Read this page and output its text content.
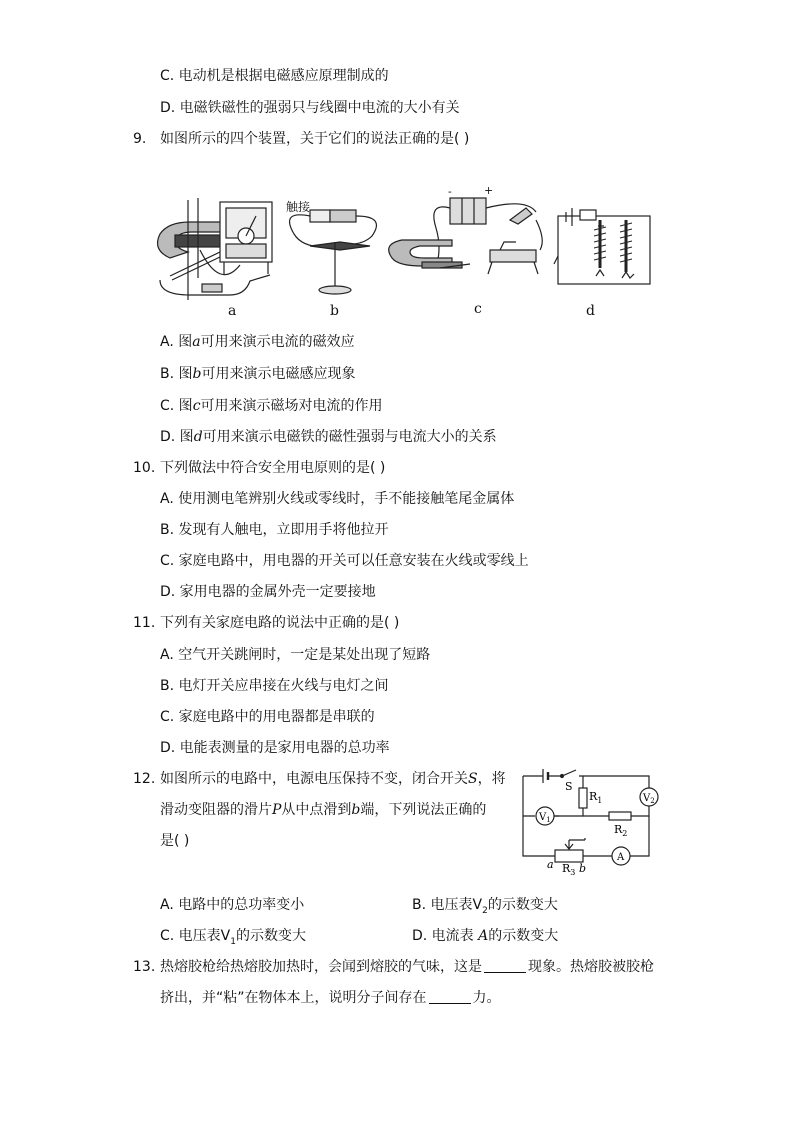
C. 电动机是根据电磁感应原理制成的
D. 电磁铁磁性的强弱只与线圈中电流的大小有关
9. 如图所示的四个装置，关于它们的说法正确的是( )
触接
-	+
a	b	c	d
A. 图a可用来演示电流的磁效应
B. 图b可用来演示电磁感应现象
C. 图c可用来演示磁场对电流的作用
D. 图d可用来演示电磁铁的磁性强弱与电流大小的关系
10. 下列做法中符合安全用电原则的是( )
A. 使用测电笔辨别火线或零线时，手不能接触笔尾金属体
B. 发现有人触电，立即用手将他拉开
C. 家庭电路中，用电器的开关可以任意安装在火线或零线上
D. 家用电器的金属外壳一定要接地
11. 下列有关家庭电路的说法中正确的是( )
A. 空气开关跳闸时，一定是某处出现了短路
B. 电灯开关应串接在火线与电灯之间
C. 家庭电路中的用电器都是串联的
D. 电能表测量的是家用电器的总功率
12. 如图所示的电路中，电源电压保持不变，闭合开关S，将
滑动变阻器的滑片P从中点滑到b端，下列说法正确的
是( )
S
$R_1$
$R_2$
$R_3$
$V_1$
$V_2$
A
a b
A. 电路中的总功率变小	B. 电压表$V_2$的示数变大
C. 电压表$V_1$的示数变大	D. 电流表 A的示数变大
13. 热熔胶枪给热熔胶加热时，会闻到熔胶的气味，这是	现象。热熔胶被胶枪
挤出，并“粘”在物体本上，说明分子间存在	力。
